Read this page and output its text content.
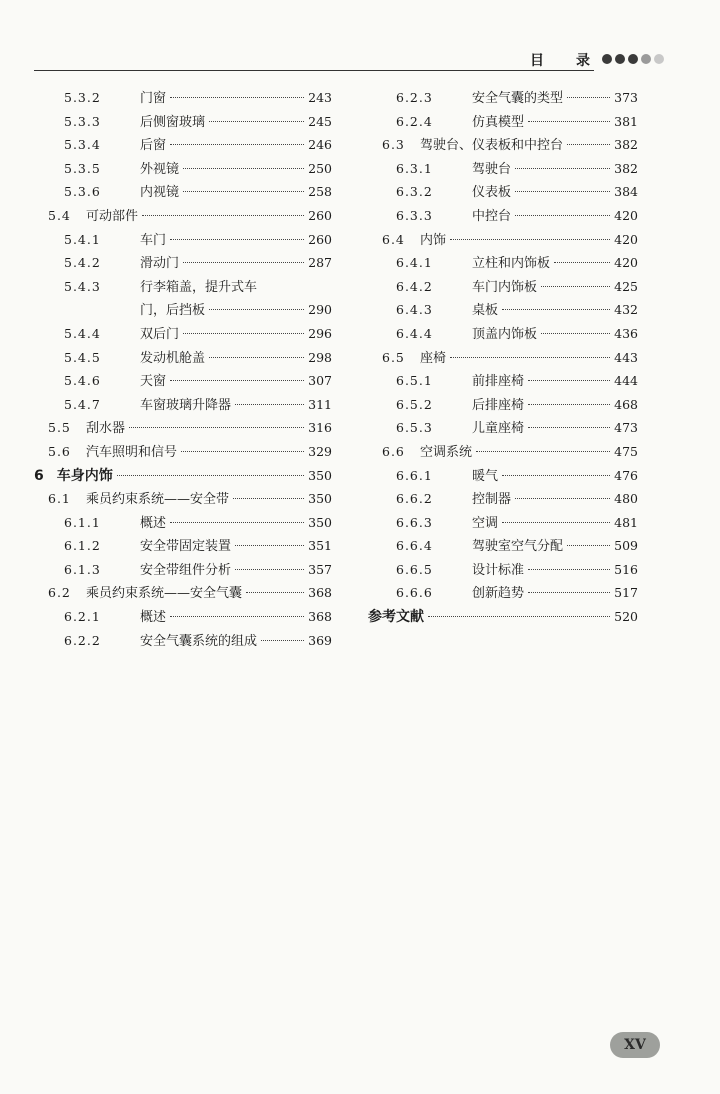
目 录
5.3.2	门窗	243
5.3.3	后侧窗玻璃	245
5.3.4	后窗	246
5.3.5	外视镜	250
5.3.6	内视镜	258
5.4	可动部件	260
5.4.1	车门	260
5.4.2	滑动门	287
5.4.3	行李箱盖，提升式车
门，后挡板	290
5.4.4	双后门	296
5.4.5	发动机舱盖	298
5.4.6	天窗	307
5.4.7	车窗玻璃升降器	311
5.5	刮水器	316
5.6	汽车照明和信号	329
6 车身内饰	350
6.1	乘员约束系统——安全带	350
6.1.1	概述	350
6.1.2	安全带固定装置	351
6.1.3	安全带组件分析	357
6.2	乘员约束系统——安全气囊	368
6.2.1	概述	368
6.2.2	安全气囊系统的组成	369
6.2.3	安全气囊的类型	373
6.2.4	仿真模型	381
6.3	驾驶台、仪表板和中控台	382
6.3.1	驾驶台	382
6.3.2	仪表板	384
6.3.3	中控台	420
6.4	内饰	420
6.4.1	立柱和内饰板	420
6.4.2	车门内饰板	425
6.4.3	桌板	432
6.4.4	顶盖内饰板	436
6.5	座椅	443
6.5.1	前排座椅	444
6.5.2	后排座椅	468
6.5.3	儿童座椅	473
6.6	空调系统	475
6.6.1	暖气	476
6.6.2	控制器	480
6.6.3	空调	481
6.6.4	驾驶室空气分配	509
6.6.5	设计标准	516
6.6.6	创新趋势	517
参考文献	520
XV
